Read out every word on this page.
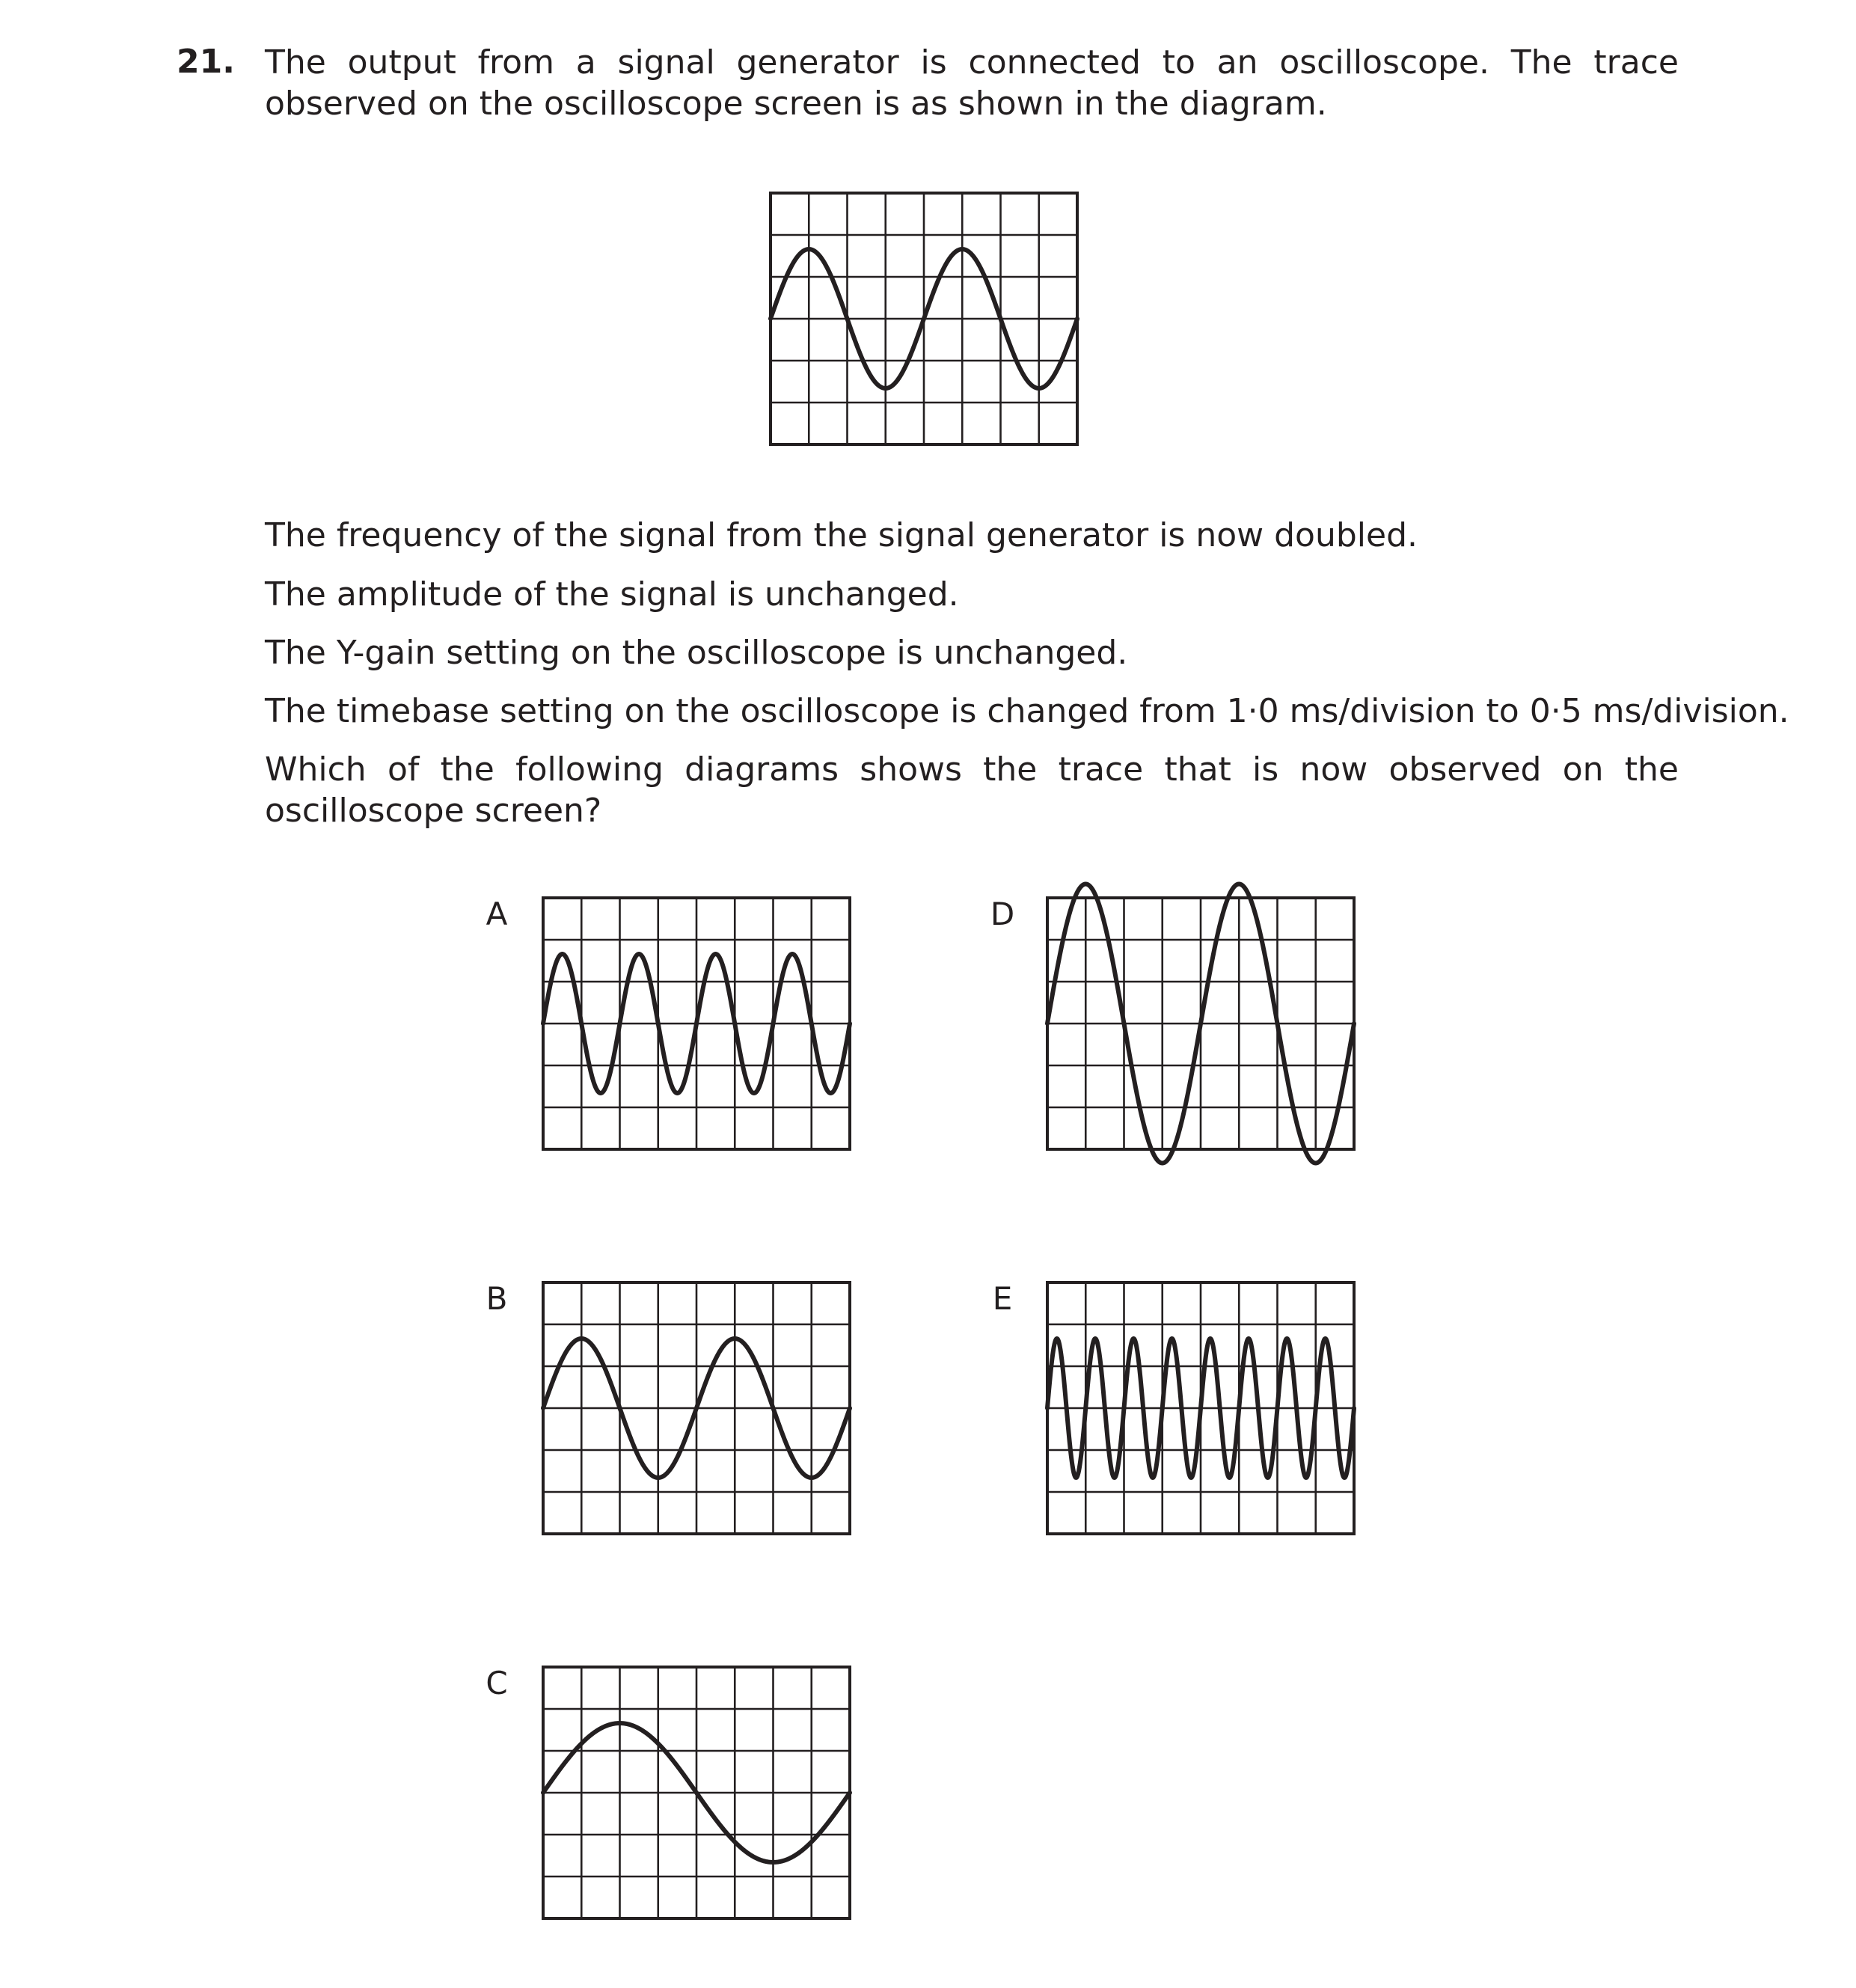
21. The output from a signal generator is connected to an oscilloscope. The trace observed on the oscilloscope screen is as shown in the diagram.

The frequency of the signal from the signal generator is now doubled.

The amplitude of the signal is unchanged.

The Y-gain setting on the oscilloscope is unchanged.

The timebase setting on the oscilloscope is changed from 1·0 ms/division to 0·5 ms/division.

Which of the following diagrams shows the trace that is now observed on the oscilloscope screen?

A	D
B	E
C
